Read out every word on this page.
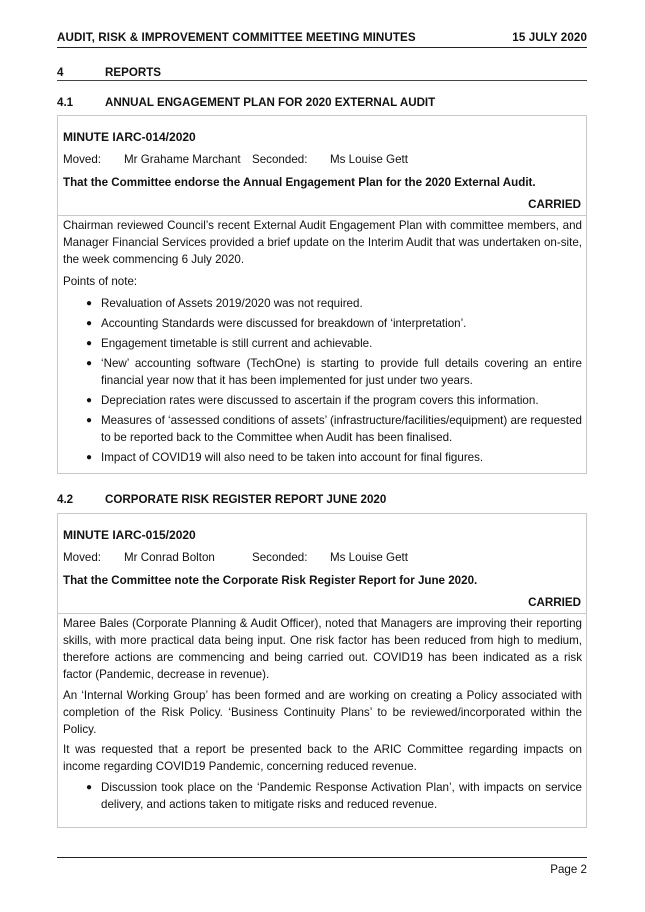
AUDIT, RISK & IMPROVEMENT COMMITTEE MEETING MINUTES	15 JULY 2020
4	REPORTS
4.1	ANNUAL ENGAGEMENT PLAN FOR 2020 EXTERNAL AUDIT
MINUTE IARC-014/2020
Moved: Mr Grahame Marchant Seconded: Ms Louise Gett
That the Committee endorse the Annual Engagement Plan for the 2020 External Audit.
CARRIED
Chairman reviewed Council’s recent External Audit Engagement Plan with committee members, and Manager Financial Services provided a brief update on the Interim Audit that was undertaken on-site, the week commencing 6 July 2020.
Points of note:
● Revaluation of Assets 2019/2020 was not required.
● Accounting Standards were discussed for breakdown of ‘interpretation’.
● Engagement timetable is still current and achievable.
● ‘New’ accounting software (TechOne) is starting to provide full details covering an entire financial year now that it has been implemented for just under two years.
● Depreciation rates were discussed to ascertain if the program covers this information.
● Measures of ‘assessed conditions of assets’ (infrastructure/facilities/equipment) are requested to be reported back to the Committee when Audit has been finalised.
● Impact of COVID19 will also need to be taken into account for final figures.
4.2	CORPORATE RISK REGISTER REPORT JUNE 2020
MINUTE IARC-015/2020
Moved: Mr Conrad Bolton	Seconded: Ms Louise Gett
That the Committee note the Corporate Risk Register Report for June 2020.
CARRIED
Maree Bales (Corporate Planning & Audit Officer), noted that Managers are improving their reporting skills, with more practical data being input. One risk factor has been reduced from high to medium, therefore actions are commencing and being carried out. COVID19 has been indicated as a risk factor (Pandemic, decrease in revenue).
An ‘Internal Working Group’ has been formed and are working on creating a Policy associated with completion of the Risk Policy. ‘Business Continuity Plans’ to be reviewed/incorporated within the Policy.
It was requested that a report be presented back to the ARIC Committee regarding impacts on income regarding COVID19 Pandemic, concerning reduced revenue.
● Discussion took place on the ‘Pandemic Response Activation Plan’, with impacts on service delivery, and actions taken to mitigate risks and reduced revenue.
Page 2
